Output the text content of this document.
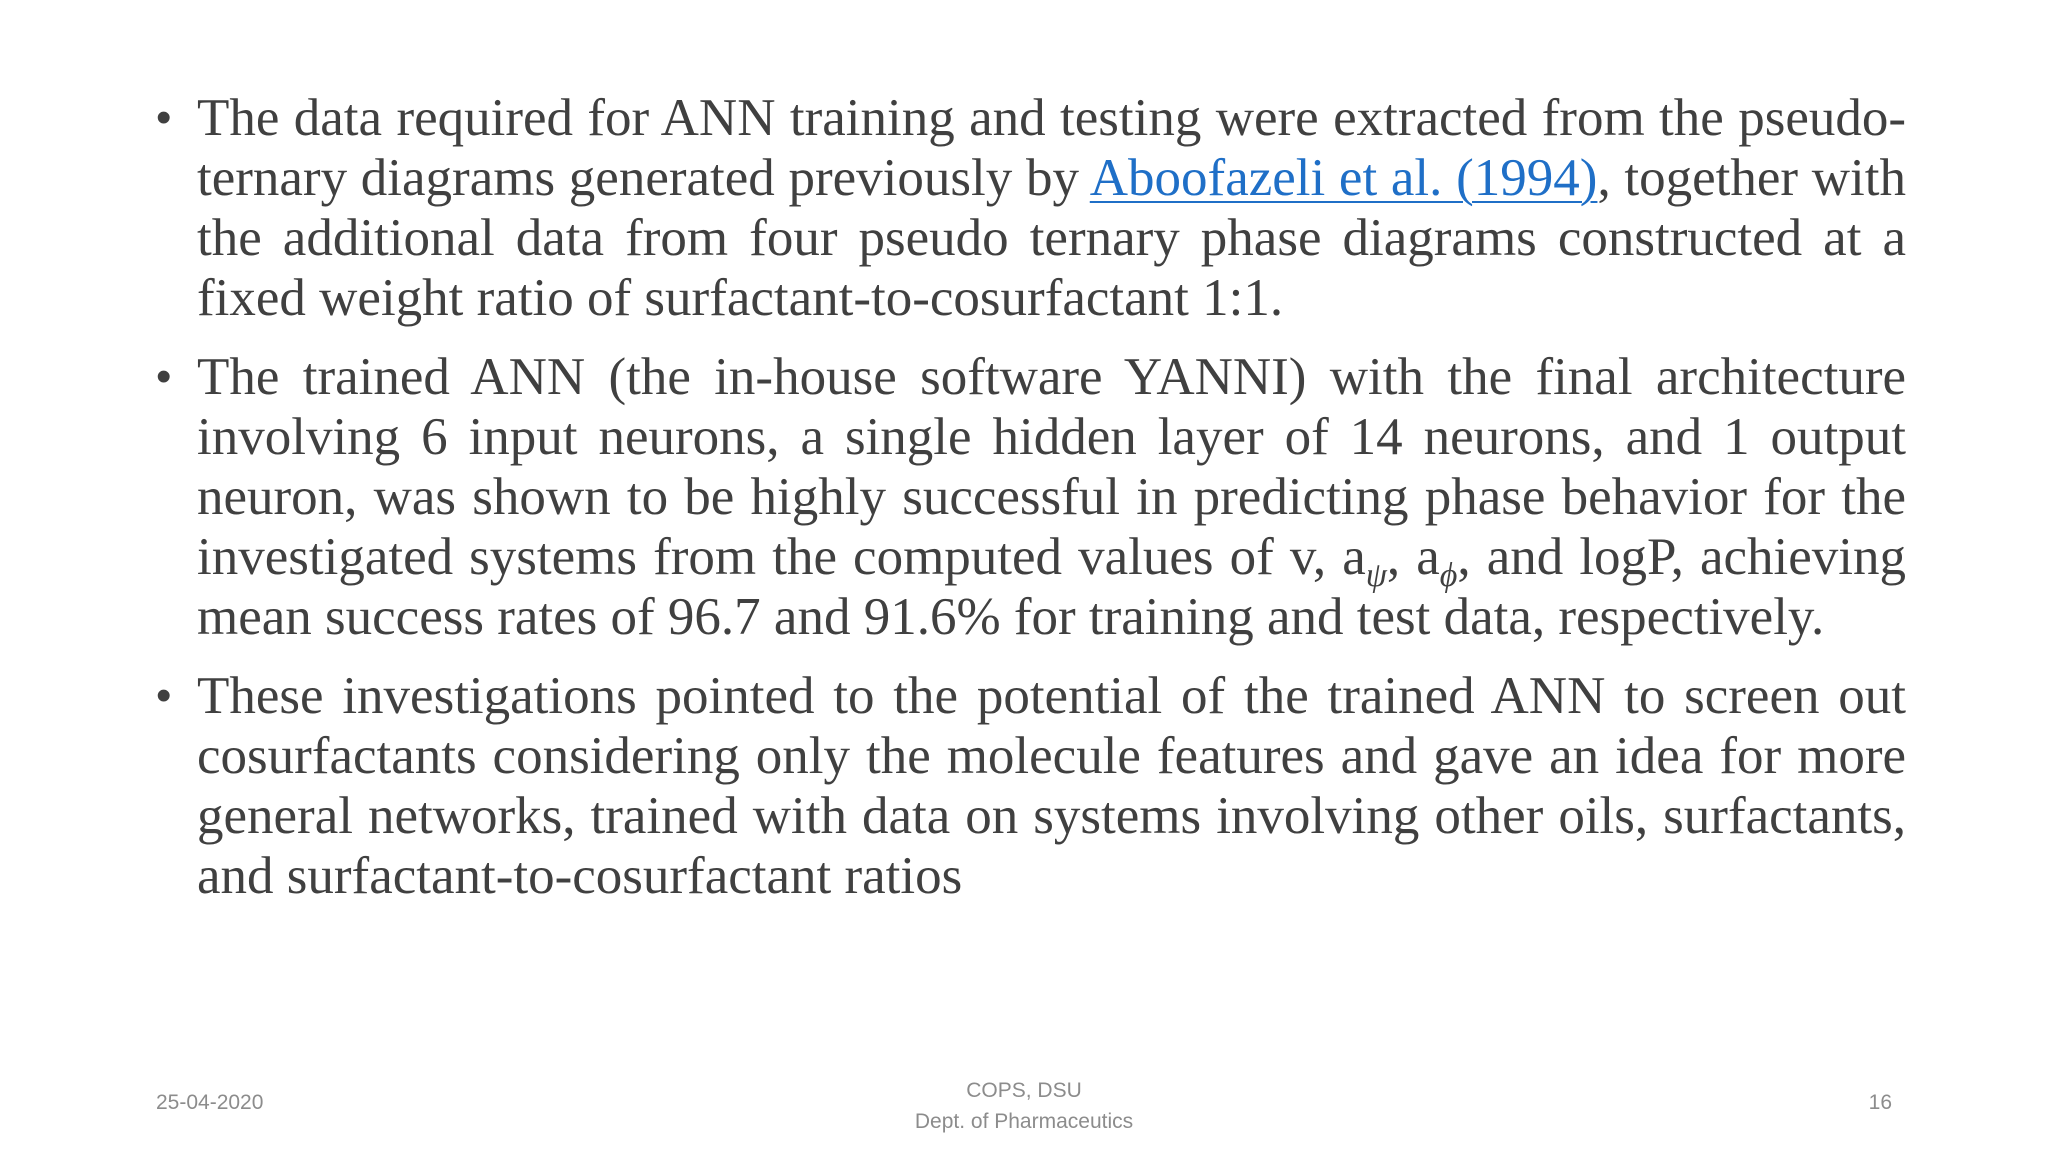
• The data required for ANN training and testing were extracted from the pseudo-ternary diagrams generated previously by Aboofazeli et al. (1994), together with the additional data from four pseudo ternary phase diagrams constructed at a fixed weight ratio of surfactant-to-cosurfactant 1:1.
• The trained ANN (the in-house software YANNI) with the final architecture involving 6 input neurons, a single hidden layer of 14 neurons, and 1 output neuron, was shown to be highly successful in predicting phase behavior for the investigated systems from the computed values of v, $a_\psi$, $a_\phi$, and logP, achieving mean success rates of 96.7 and 91.6% for training and test data, respectively.
• These investigations pointed to the potential of the trained ANN to screen out cosurfactants considering only the molecule features and gave an idea for more general networks, trained with data on systems involving other oils, surfactants, and surfactant-to-cosurfactant ratios
25-04-2020
COPS, DSU
Dept. of Pharmaceutics
16
